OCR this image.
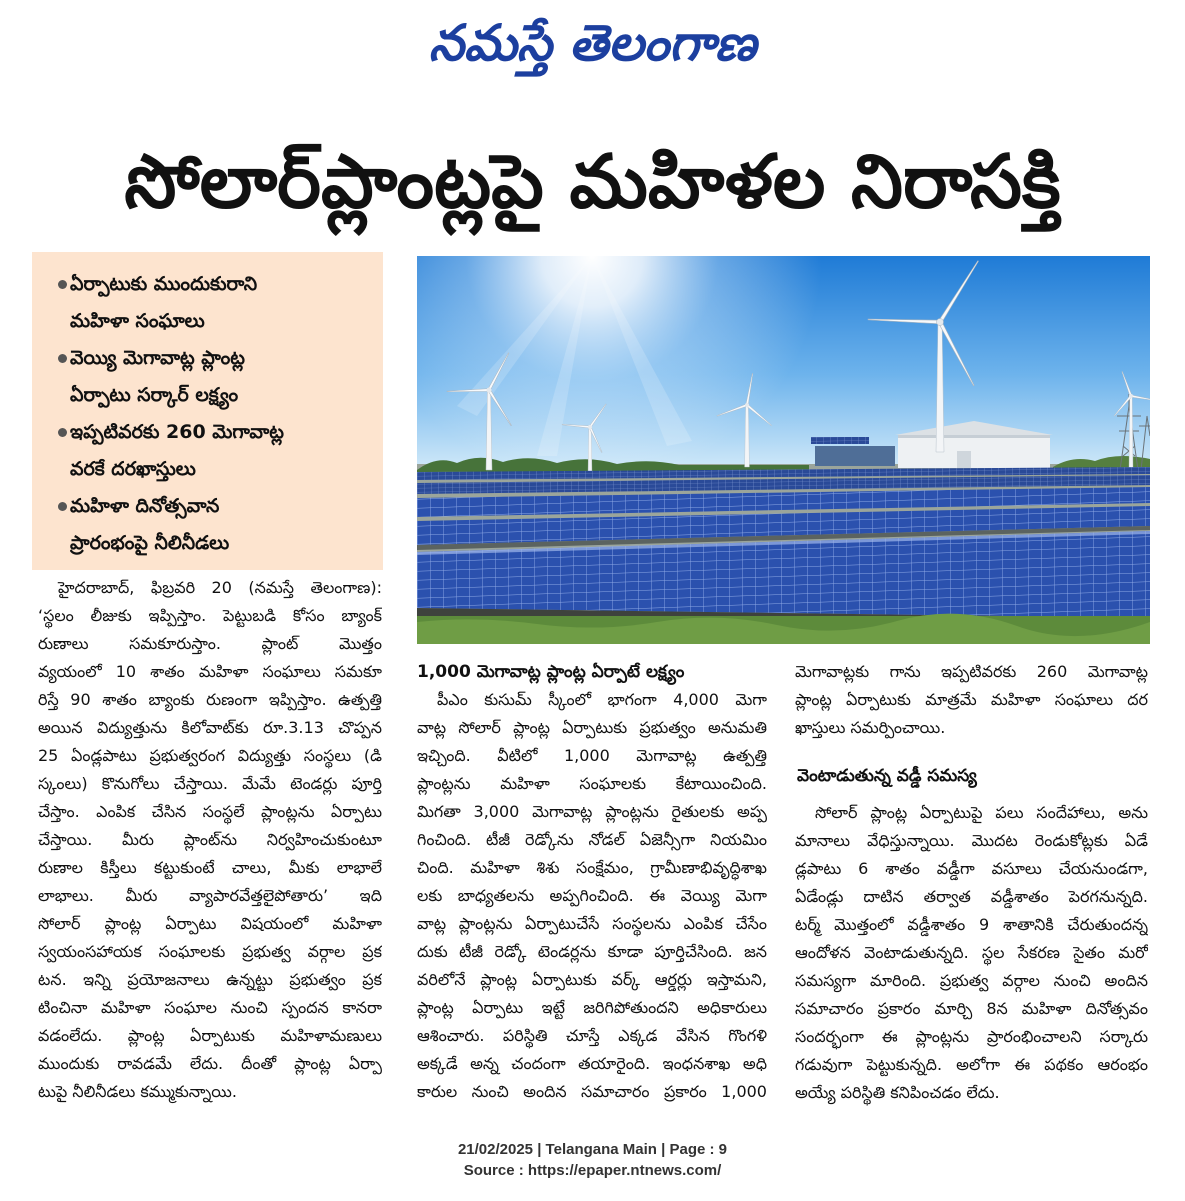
నమస్తే తెలంగాణ
సోలార్‌ప్లాంట్లపై మహిళల నిరాసక్తి
ఏర్పాటుకు ముందుకురాని
మహిళా సంఘాలు
వెయ్యి మెగావాట్ల ప్లాంట్ల
ఏర్పాటు సర్కార్‌ లక్ష్యం
ఇప్పటివరకు 260 మెగావాట్ల
వరకే దరఖాస్తులు
మహిళా దినోత్సవాన
ప్రారంభంపై నీలినీడలు
హైదరాబాద్‌, ఫిబ్రవరి 20 (నమస్తే తెలంగాణ):
‘స్థలం లీజుకు ఇప్పిస్తాం. పెట్టుబడి కోసం బ్యాంక్‌
రుణాలు సమకూరుస్తాం. ప్లాంట్‌ మొత్తం
వ్యయంలో 10 శాతం మహిళా సంఘాలు సమకూ
రిస్తే 90 శాతం బ్యాంకు రుణంగా ఇప్పిస్తాం. ఉత్పత్తి
అయిన విద్యుత్తును కిలోవాట్‌కు రూ.3.13 చొప్పన
25 ఏండ్లపాటు ప్రభుత్వరంగ విద్యుత్తు సంస్థలు (డి
స్కంలు) కొనుగోలు చేస్తాయి. మేమే టెండర్లు పూర్తి
చేస్తాం. ఎంపిక చేసిన సంస్థలే ప్లాంట్లను ఏర్పాటు
చేస్తాయి. మీరు ప్లాంట్‌ను నిర్వహించుకుంటూ
రుణాల కిస్తీలు కట్టుకుంటే చాలు, మీకు లాభాలే
లాభాలు. మీరు వ్యాపారవేత్తలైపోతారు’ ఇది
సోలార్‌ ప్లాంట్ల ఏర్పాటు విషయంలో మహిళా
స్వయంసహాయక సంఘాలకు ప్రభుత్వ వర్గాల ప్రక
టన. ఇన్ని ప్రయోజనాలు ఉన్నట్టు ప్రభుత్వం ప్రక
టించినా మహిళా సంఘాల నుంచి స్పందన కానరా
వడంలేదు. ప్లాంట్ల ఏర్పాటుకు మహిళామణులు
ముందుకు రావడమే లేదు. దీంతో ప్లాంట్ల ఏర్పా
టుపై నీలినీడలు కమ్ముకున్నాయి.
1,000 మెగావాట్ల ప్లాంట్ల ఏర్పాటే లక్ష్యం
పీఎం కుసుమ్‌ స్కీంలో భాగంగా 4,000 మెగా
వాట్ల సోలార్‌ ప్లాంట్ల ఏర్పాటుకు ప్రభుత్వం అనుమతి
ఇచ్చింది. వీటిలో 1,000 మెగావాట్ల ఉత్పత్తి
ప్లాంట్లను మహిళా సంఘాలకు కేటాయించింది.
మిగతా 3,000 మెగావాట్ల ప్లాంట్లను రైతులకు అప్ప
గించింది. టీజీ రెడ్కోను నోడల్‌ ఏజెన్సీగా నియమిం
చింది. మహిళా శిశు సంక్షేమం, గ్రామీణాభివృద్ధిశాఖ
లకు బాధ్యతలను అప్పగించింది. ఈ వెయ్యి మెగా
వాట్ల ప్లాంట్లను ఏర్పాటుచేసే సంస్థలను ఎంపిక చేసేం
దుకు టీజీ రెడ్కో టెండర్లను కూడా పూర్తిచేసింది. జన
వరిలోనే ప్లాంట్ల ఏర్పాటుకు వర్క్‌ ఆర్డర్లు ఇస్తామని,
ప్లాంట్ల ఏర్పాటు ఇట్టే జరిగిపోతుందని అధికారులు
ఆశించారు. పరిస్థితి చూస్తే ఎక్కడ వేసిన గొంగళి
అక్కడే అన్న చందంగా తయారైంది. ఇంధనశాఖ అధి
కారుల నుంచి అందిన సమాచారం ప్రకారం 1,000
మెగావాట్లకు గాను ఇప్పటివరకు 260 మెగావాట్ల
ప్లాంట్ల ఏర్పాటుకు మాత్రమే మహిళా సంఘాలు దర
ఖాస్తులు సమర్పించాయి.
వెంటాడుతున్న వడ్డీ సమస్య
సోలార్‌ ప్లాంట్ల ఏర్పాటుపై పలు సందేహాలు, అను
మానాలు వేధిస్తున్నాయి. మొదట రెండుకోట్లకు ఏడే
డ్లపాటు 6 శాతం వడ్డీగా వసూలు చేయనుండగా,
ఏడేండ్లు దాటిన తర్వాత వడ్డీశాతం పెరగనున్నది.
టర్మ్‌ మొత్తంలో వడ్డీశాతం 9 శాతానికి చేరుతుందన్న
ఆందోళన వెంటాడుతున్నది. స్థల సేకరణ సైతం మరో
సమస్యగా మారింది. ప్రభుత్వ వర్గాల నుంచి అందిన
సమాచారం ప్రకారం మార్చి 8న మహిళా దినోత్సవం
సందర్భంగా ఈ ప్లాంట్లను ప్రారంభించాలని సర్కారు
గడువుగా పెట్టుకున్నది. అలోగా ఈ పథకం ఆరంభం
అయ్యే పరిస్థితి కనిపించడం లేదు.
21/02/2025 | Telangana Main | Page : 9
Source : https://epaper.ntnews.com/
